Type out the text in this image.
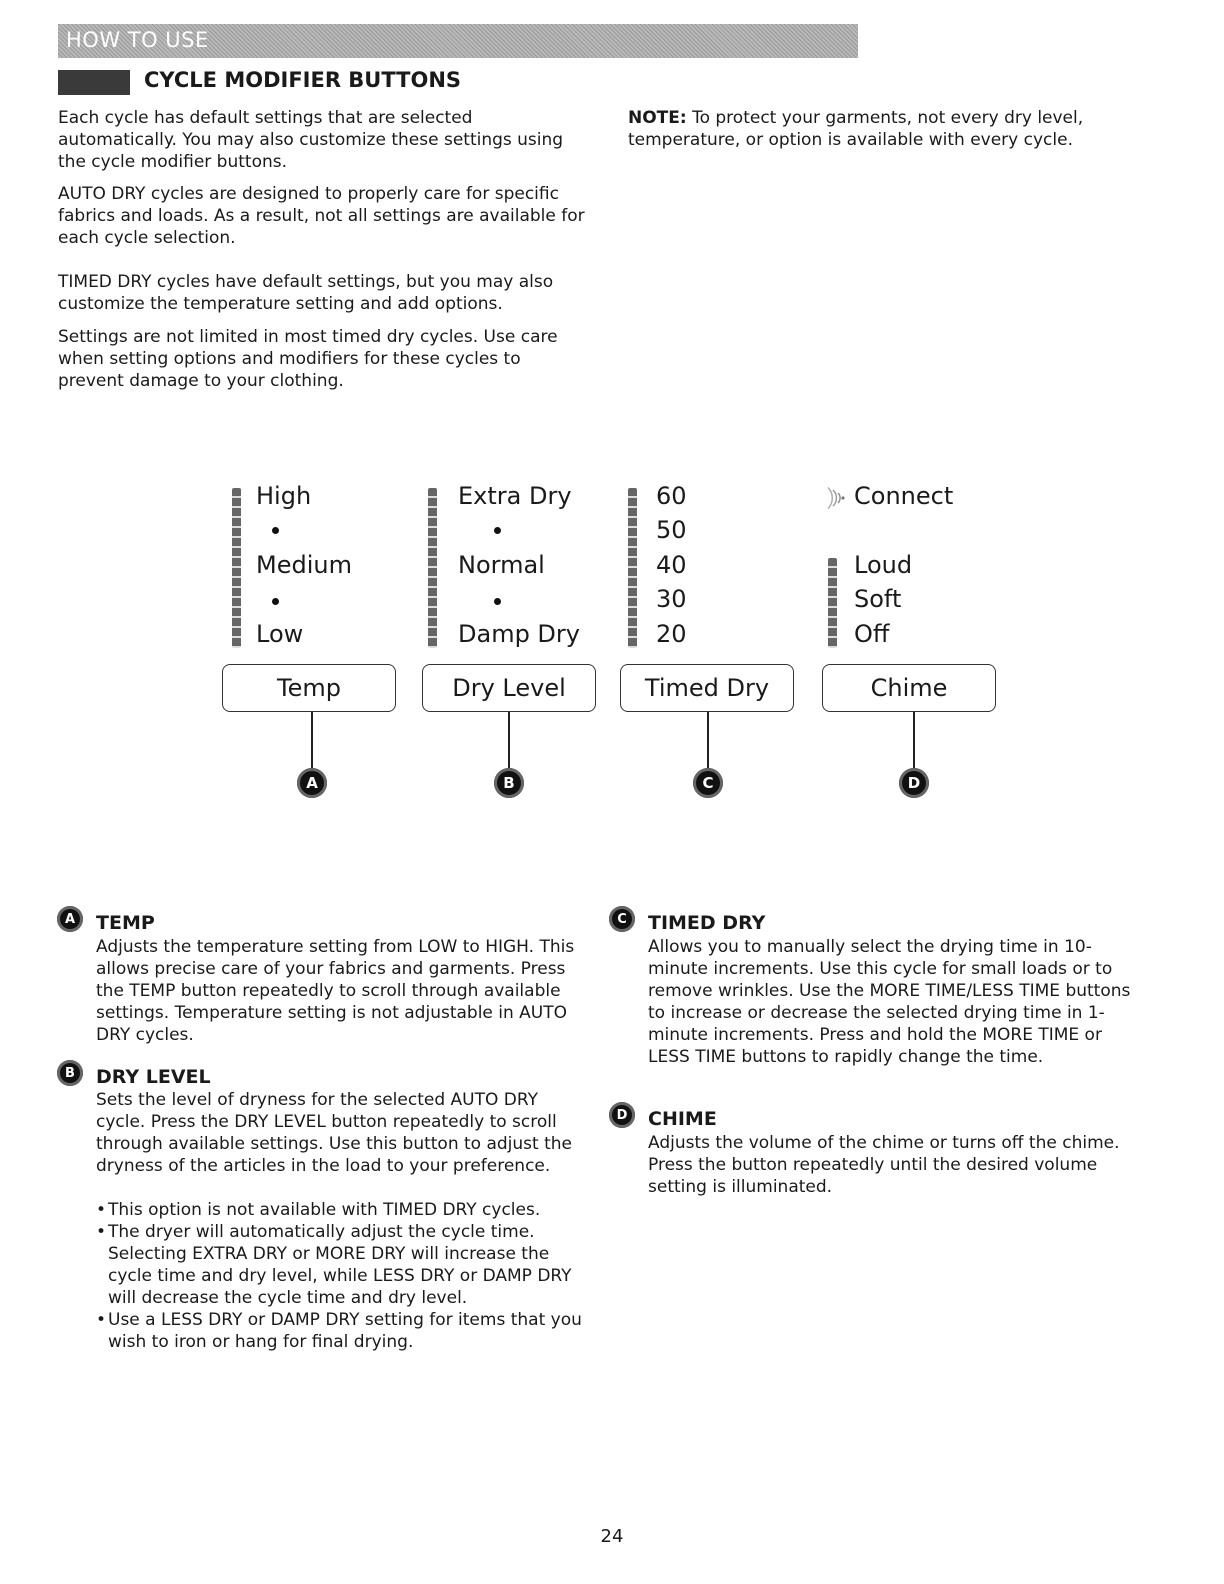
HOW TO USE
CYCLE MODIFIER BUTTONS

Each cycle has default settings that are selected automatically. You may also customize these settings using the cycle modifier buttons.

AUTO DRY cycles are designed to properly care for specific fabrics and loads. As a result, not all settings are available for each cycle selection.

TIMED DRY cycles have default settings, but you may also customize the temperature setting and add options.

Settings are not limited in most timed dry cycles. Use care when setting options and modifiers for these cycles to prevent damage to your clothing.

NOTE: To protect your garments, not every dry level, temperature, or option is available with every cycle.

High
Medium
Low
Temp
A
Extra Dry
Normal
Damp Dry
Dry Level
B
60
50
40
30
20
Timed Dry
C
Connect
Loud
Soft
Off
Chime
D
A	TEMP

Adjusts the temperature setting from LOW to HIGH. This allows precise care of your fabrics and garments. Press the TEMP button repeatedly to scroll through available settings. Temperature setting is not adjustable in AUTO DRY cycles.

B	DRY LEVEL

Sets the level of dryness for the selected AUTO DRY cycle. Press the DRY LEVEL button repeatedly to scroll through available settings. Use this button to adjust the dryness of the articles in the load to your preference.

• This option is not available with TIMED DRY cycles.
• The dryer will automatically adjust the cycle time. Selecting EXTRA DRY or MORE DRY will increase the cycle time and dry level, while LESS DRY or DAMP DRY will decrease the cycle time and dry level.
• Use a LESS DRY or DAMP DRY setting for items that you wish to iron or hang for final drying.
C	TIMED DRY

Allows you to manually select the drying time in 10-minute increments. Use this cycle for small loads or to remove wrinkles. Use the MORE TIME/LESS TIME buttons to increase or decrease the selected drying time in 1-minute increments. Press and hold the MORE TIME or LESS TIME buttons to rapidly change the time.

D	CHIME

Adjusts the volume of the chime or turns off the chime. Press the button repeatedly until the desired volume setting is illuminated.

24
